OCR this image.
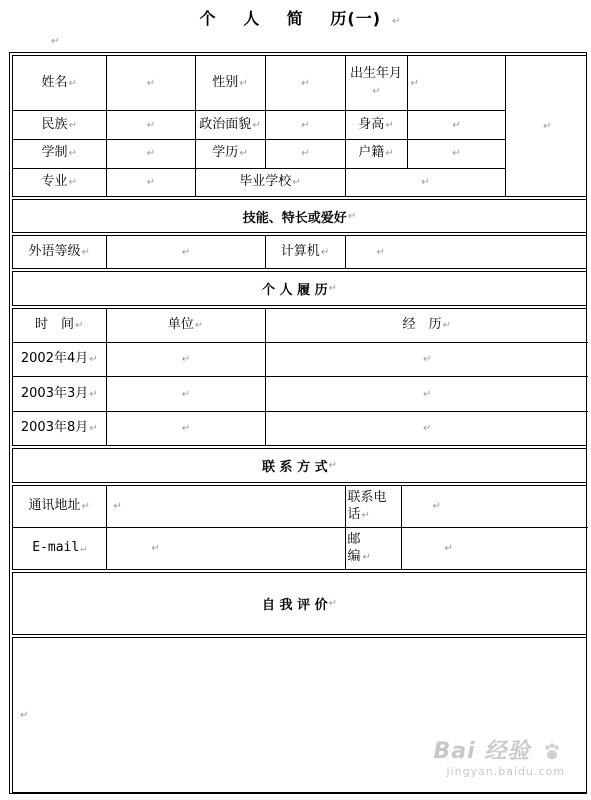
个 人 简 历(一) ↵
↵
姓名↵	↵	性别↵	↵	出生年月↵	↵	↵
民族↵	↵	政治面貌↵	↵	身高↵	↵	
学制↵	↵	学历↵	↵	户籍↵	↵	
专业↵	↵	毕业学校↵		↵		
技能、特长或爱好 ↵
外语等级↵	↵	计算机↵	↵
个 人 履 历 ↵
时　间↵	单位↵	经　历↵
2002年4月↵	↵	↵
2003年3月↵	↵	↵
2003年8月↵	↵	↵
联 系 方 式 ↵
通讯地址↵	↵	联系电话↵	↵
E-mail↵	↵	邮编 ↵	↵
自 我 评 价 ↵
↵
Bai 经验
jingyan.baidu.com
